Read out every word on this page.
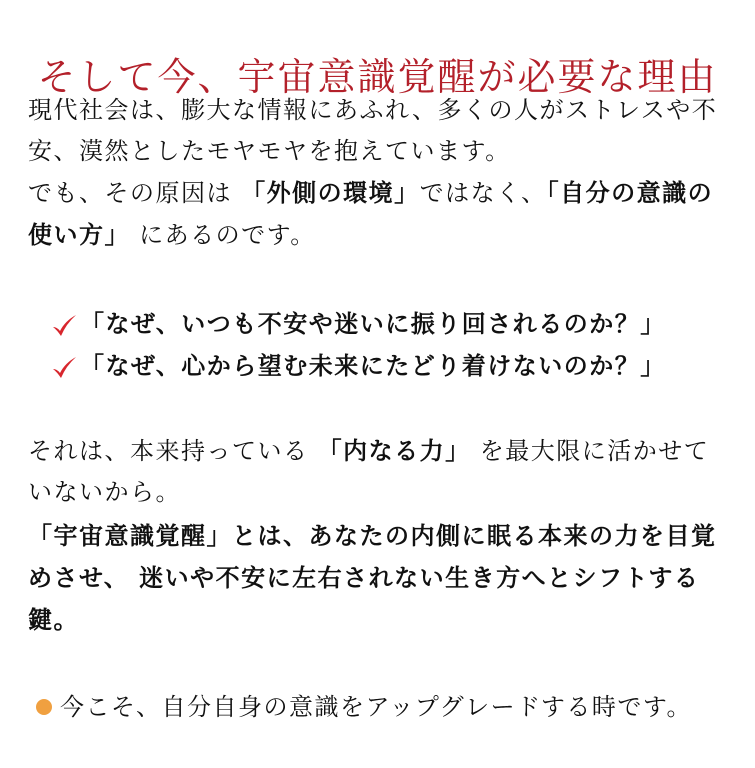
そして今、宇宙意識覚醒が必要な理由
現代社会は、膨大な情報にあふれ、多くの人がストレスや不安、漠然としたモヤモヤを抱えています。
でも、その原因は 「外側の環境」ではなく、「自分の意識の使い方」 にあるのです。
「なぜ、いつも不安や迷いに振り回されるのか？」
「なぜ、心から望む未来にたどり着けないのか？」
それは、本来持っている 「内なる力」 を最大限に活かせていないから。
「宇宙意識覚醒」とは、あなたの内側に眠る本来の力を目覚めさせ、 迷いや不安に左右されない生き方へとシフトする鍵。
今こそ、自分自身の意識をアップグレードする時です。
